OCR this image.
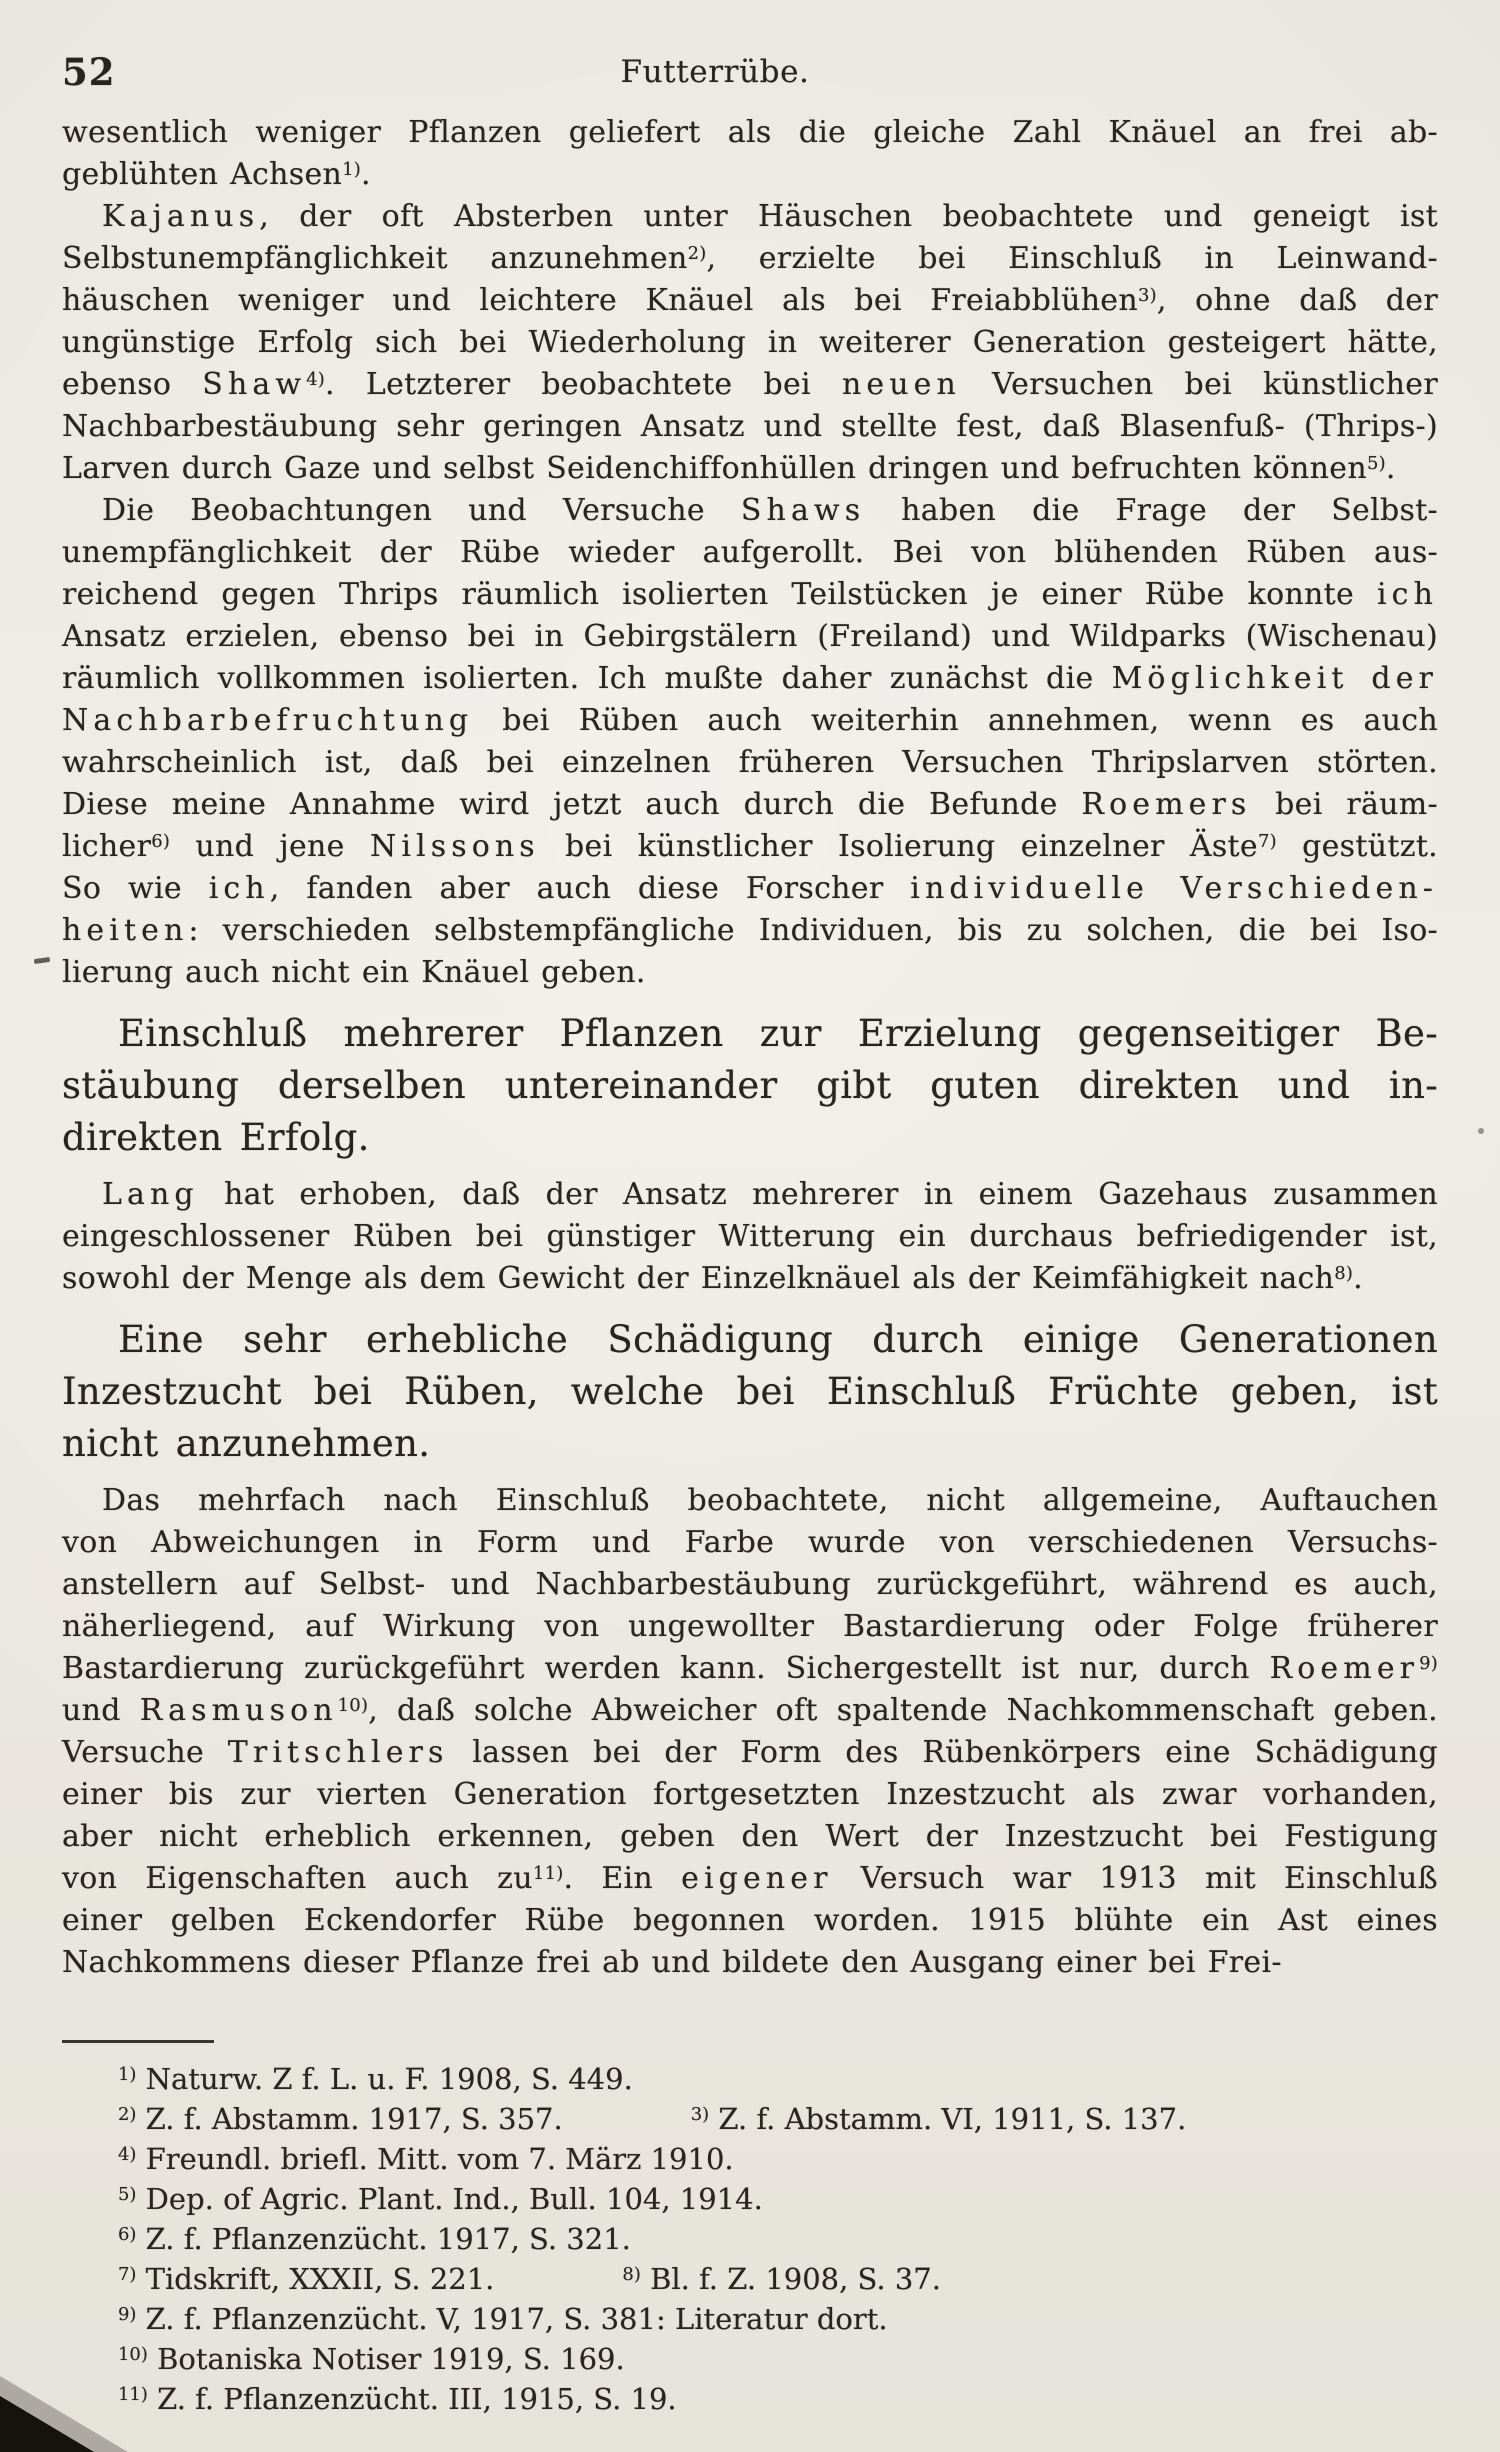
52	Futterrübe.
wesentlich weniger Pflanzen geliefert als die gleiche Zahl Knäuel an frei ab-
geblühten Achsen$^{1)}$.
Kajanus, der oft Absterben unter Häuschen beobachtete und geneigt ist
Selbstunempfänglichkeit anzunehmen$^{2)}$, erzielte bei Einschluß in Leinwand-
häuschen weniger und leichtere Knäuel als bei Freiabblühen$^{3)}$, ohne daß der
ungünstige Erfolg sich bei Wiederholung in weiterer Generation gesteigert hätte,
ebenso Shaw$^{4)}$. Letzterer beobachtete bei neuen Versuchen bei künstlicher
Nachbarbestäubung sehr geringen Ansatz und stellte fest, daß Blasenfuß- (Thrips-)
Larven durch Gaze und selbst Seidenchiffonhüllen dringen und befruchten können$^{5)}$.
Die Beobachtungen und Versuche Shaws haben die Frage der Selbst-
unempfänglichkeit der Rübe wieder aufgerollt. Bei von blühenden Rüben aus-
reichend gegen Thrips räumlich isolierten Teilstücken je einer Rübe konnte ich
Ansatz erzielen, ebenso bei in Gebirgstälern (Freiland) und Wildparks (Wischenau)
räumlich vollkommen isolierten. Ich mußte daher zunächst die Möglichkeit der
Nachbarbefruchtung bei Rüben auch weiterhin annehmen, wenn es auch
wahrscheinlich ist, daß bei einzelnen früheren Versuchen Thripslarven störten.
Diese meine Annahme wird jetzt auch durch die Befunde Roemers bei räum-
licher$^{6)}$ und jene Nilssons bei künstlicher Isolierung einzelner Äste$^{7)}$ gestützt.
So wie ich, fanden aber auch diese Forscher individuelle Verschieden-
heiten: verschieden selbstempfängliche Individuen, bis zu solchen, die bei Iso-
lierung auch nicht ein Knäuel geben.
Einschluß mehrerer Pflanzen zur Erzielung gegenseitiger Be-
stäubung derselben untereinander gibt guten direkten und in-
direkten Erfolg.
Lang hat erhoben, daß der Ansatz mehrerer in einem Gazehaus zusammen
eingeschlossener Rüben bei günstiger Witterung ein durchaus befriedigender ist,
sowohl der Menge als dem Gewicht der Einzelknäuel als der Keimfähigkeit nach$^{8)}$.
Eine sehr erhebliche Schädigung durch einige Generationen
Inzestzucht bei Rüben, welche bei Einschluß Früchte geben, ist
nicht anzunehmen.
Das mehrfach nach Einschluß beobachtete, nicht allgemeine, Auftauchen
von Abweichungen in Form und Farbe wurde von verschiedenen Versuchs-
anstellern auf Selbst- und Nachbarbestäubung zurückgeführt, während es auch,
näherliegend, auf Wirkung von ungewollter Bastardierung oder Folge früherer
Bastardierung zurückgeführt werden kann. Sichergestellt ist nur, durch Roemer$^{9)}$
und Rasmuson$^{10)}$, daß solche Abweicher oft spaltende Nachkommenschaft geben.
Versuche Tritschlers lassen bei der Form des Rübenkörpers eine Schädigung
einer bis zur vierten Generation fortgesetzten Inzestzucht als zwar vorhanden,
aber nicht erheblich erkennen, geben den Wert der Inzestzucht bei Festigung
von Eigenschaften auch $zu^{11)}$. Ein eigener Versuch war 1913 mit Einschluß
einer gelben Eckendorfer Rübe begonnen worden. 1915 blühte ein Ast eines
Nachkommens dieser Pflanze frei ab und bildete den Ausgang einer bei Frei-
$^{1)}$ Naturw. Z f. L. u. F. 1908, S. 449.
$^{2)}$ Z. f. Abstamm. 1917, S. 357.	$^{3)}$ Z. f. Abstamm. VI, 1911, S. 137.
$^{4)}$ Freundl. briefl. Mitt. vom 7. März 1910.
$^{5)}$ Dep. of Agric. Plant. Ind., Bull. 104, 1914.
$^{6)}$ Z. f. Pflanzenzücht. 1917, S. 321.
$^{7)}$ Tidskrift, XXXII, S. 221.	$^{8)}$ Bl. f. Z. 1908, S. 37.
$^{9)}$ Z. f. Pflanzenzücht. V, 1917, S. 381: Literatur dort.
$^{10)}$ Botaniska Notiser 1919, S. 169.
$^{11)}$ Z. f. Pflanzenzücht. III, 1915, S. 19.
